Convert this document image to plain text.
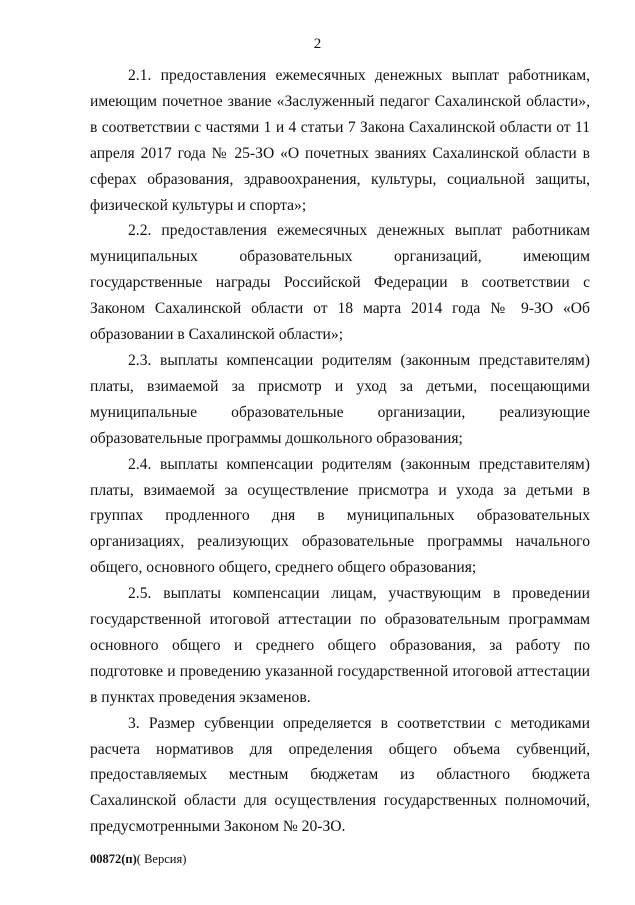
2

2.1. предоставления ежемесячных денежных выплат работникам, имеющим почетное звание «Заслуженный педагог Сахалинской области», в соответствии с частями 1 и 4 статьи 7 Закона Сахалинской области от 11 апреля 2017 года № 25-ЗО «О почетных званиях Сахалинской области в сферах образования, здравоохранения, культуры, социальной защиты, физической культуры и спорта»;

2.2. предоставления ежемесячных денежных выплат работникам муниципальных образовательных организаций, имеющим государственные награды Российской Федерации в соответствии с Законом Сахалинской области от 18 марта 2014 года № 9-ЗО «Об образовании в Сахалинской области»;

2.3. выплаты компенсации родителям (законным представителям) платы, взимаемой за присмотр и уход за детьми, посещающими муниципальные образовательные организации, реализующие образовательные программы дошкольного образования;

2.4. выплаты компенсации родителям (законным представителям) платы, взимаемой за осуществление присмотра и ухода за детьми в группах продленного дня в муниципальных образовательных организациях, реализующих образовательные программы начального общего, основного общего, среднего общего образования;

2.5. выплаты компенсации лицам, участвующим в проведении государственной итоговой аттестации по образовательным программам основного общего и среднего общего образования, за работу по подготовке и проведению указанной государственной итоговой аттестации в пунктах проведения экзаменов.

3. Размер субвенции определяется в соответствии с методиками расчета нормативов для определения общего объема субвенций, предоставляемых местным бюджетам из областного бюджета Сахалинской области для осуществления государственных полномочий, предусмотренными Законом № 20-ЗО.

00872(п)( Версия)
